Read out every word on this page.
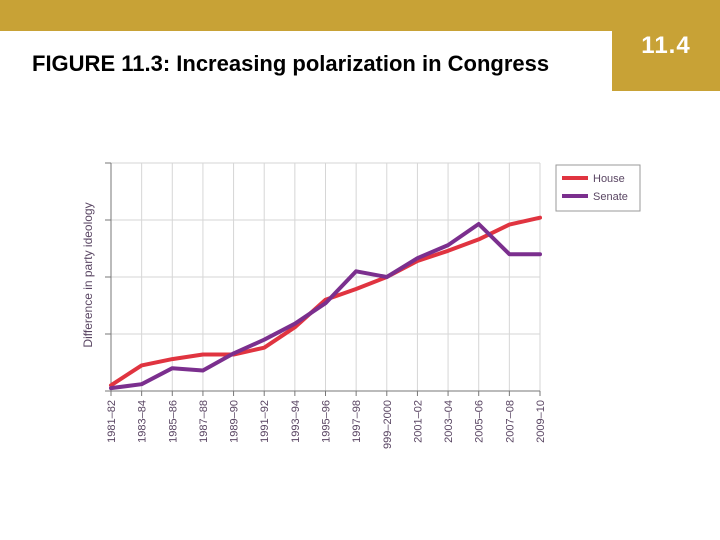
11.4
FIGURE 11.3: Increasing polarization in Congress
1981–82 1983–84 1985–86 1987–88 1989–90 1991–92 1993–94 1995–96 1997–98 999–2000 2001–02 2003–04 2005–06 2007–08 2009–10
House
Senate
Difference in party ideology
